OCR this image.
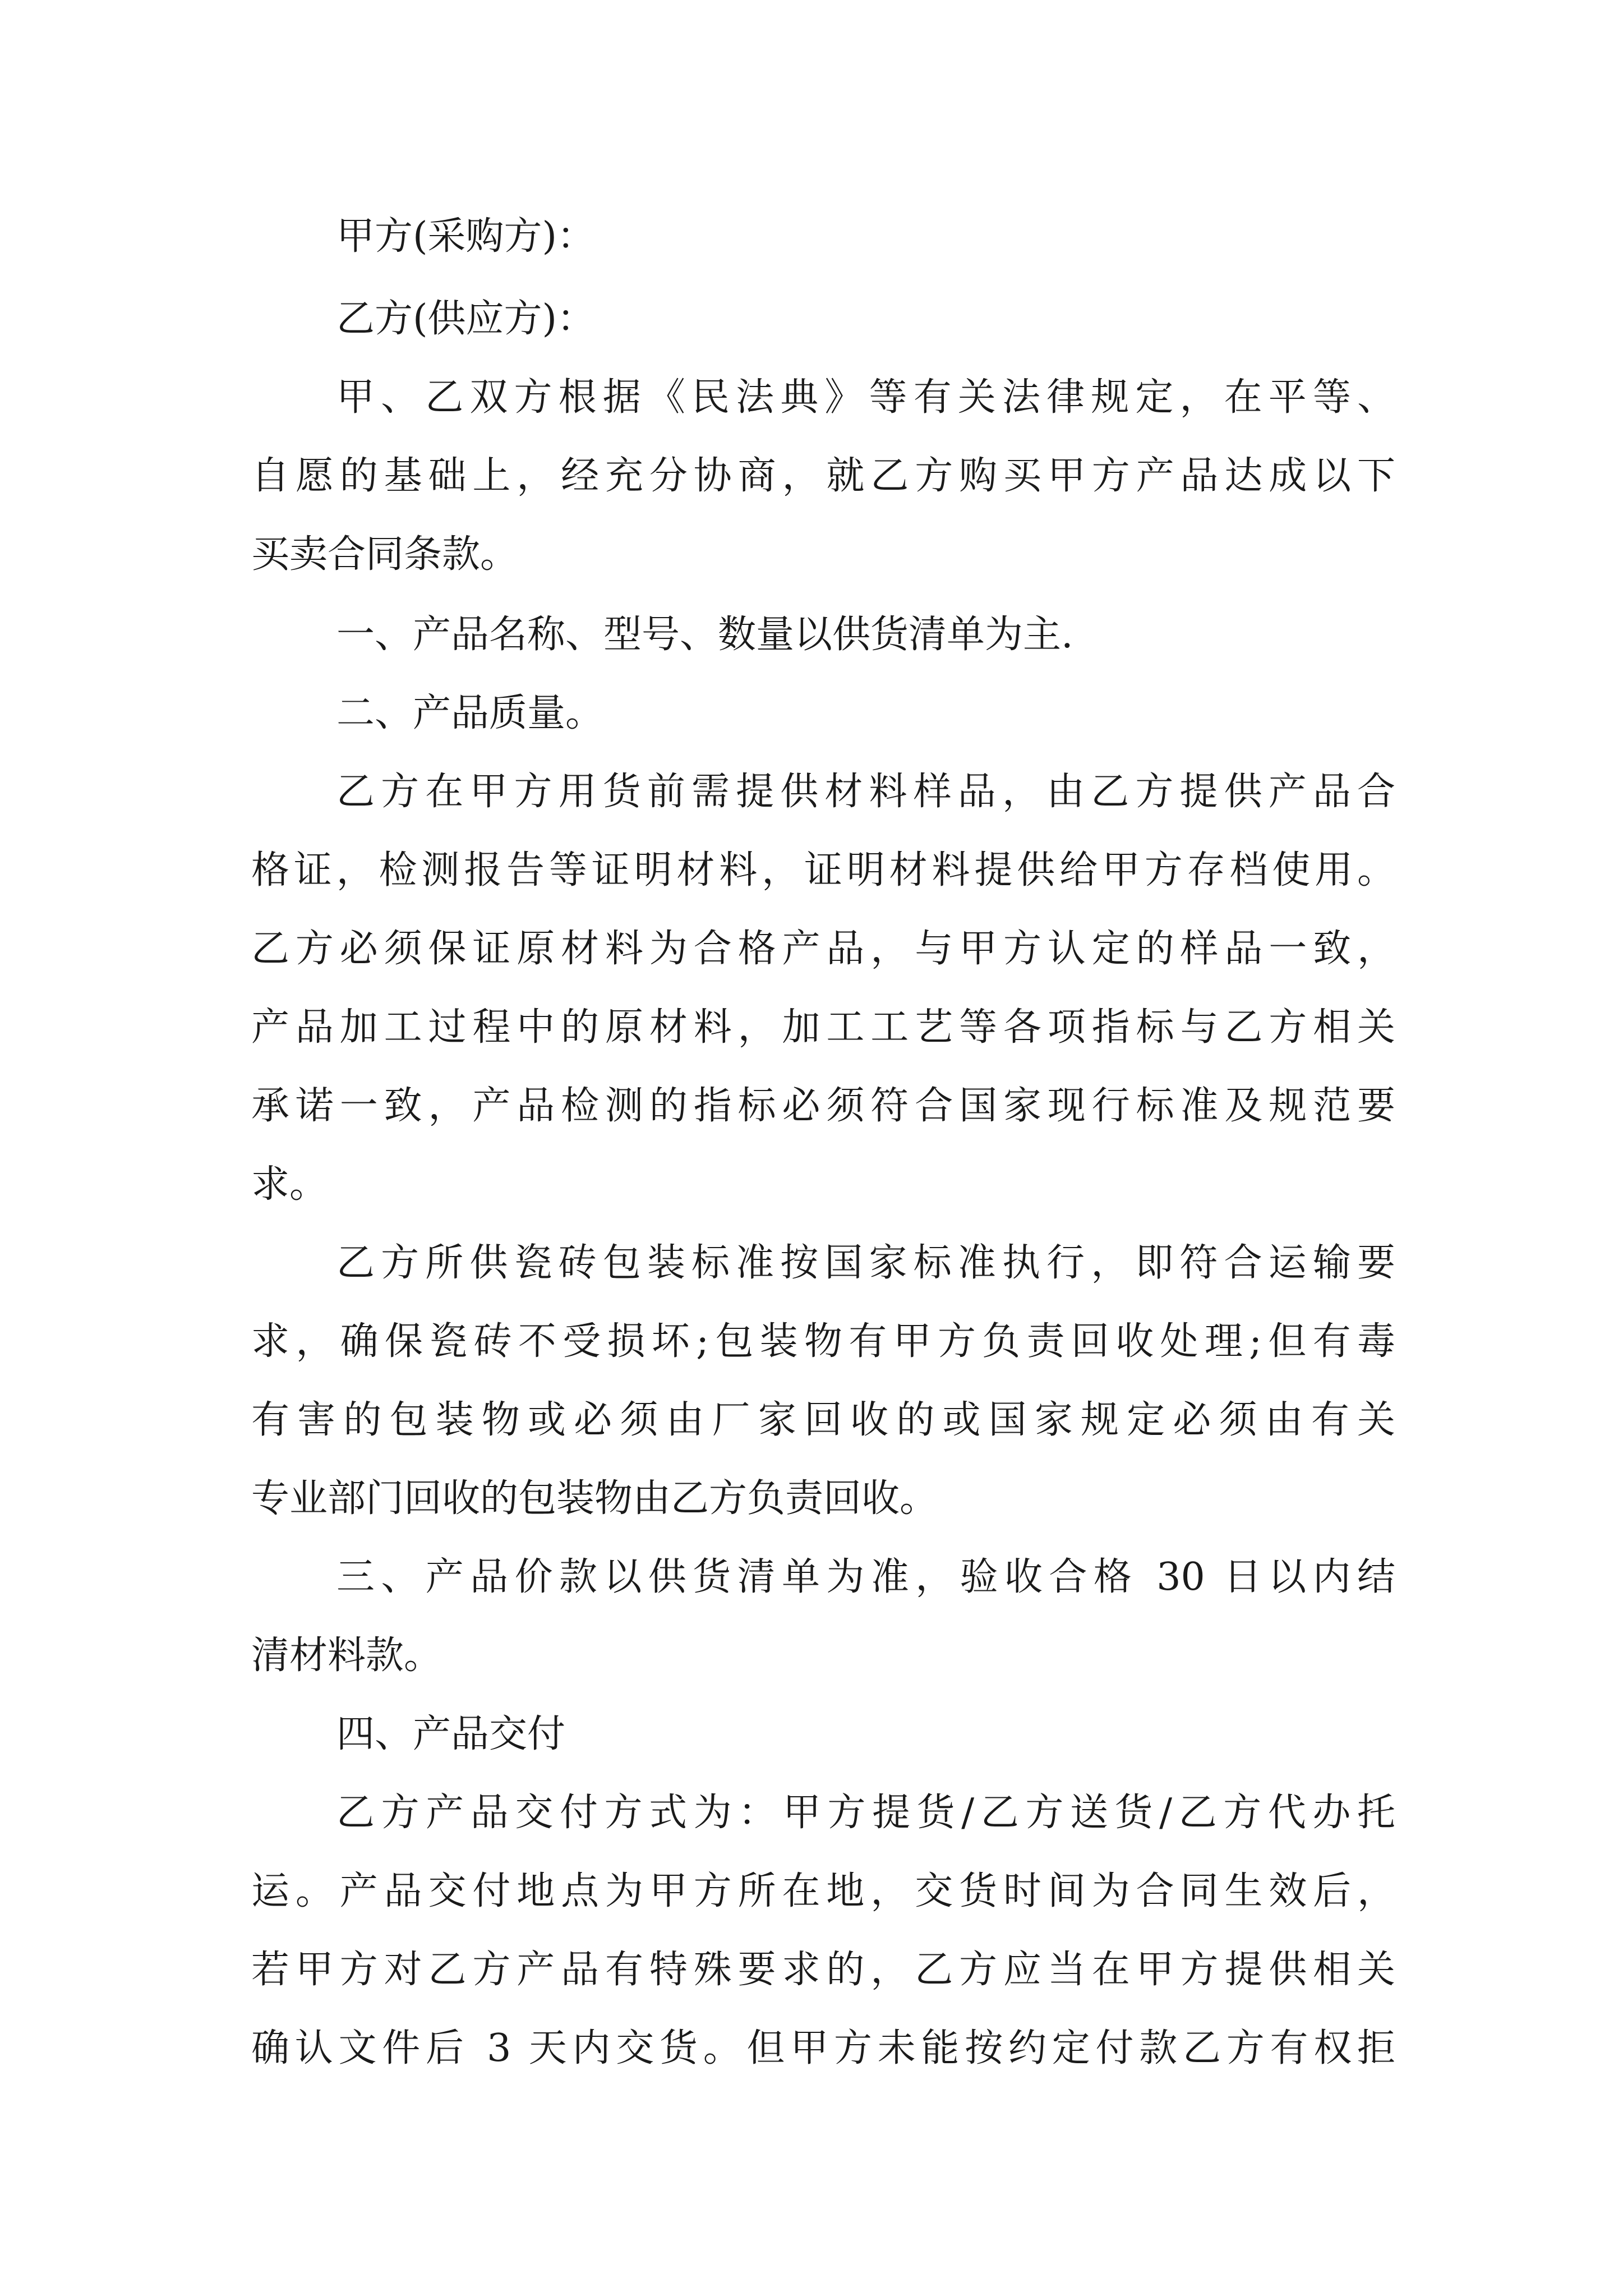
甲方(采购方)：
乙方(供应方)：
甲、乙双方根据《民法典》等有关法律规定，在平等、
自愿的基础上，经充分协商，就乙方购买甲方产品达成以下
买卖合同条款。
一、产品名称、型号、数量以供货清单为主.
二、产品质量。
乙方在甲方用货前需提供材料样品，由乙方提供产品合
格证，检测报告等证明材料，证明材料提供给甲方存档使用。
乙方必须保证原材料为合格产品，与甲方认定的样品一致，
产品加工过程中的原材料，加工工艺等各项指标与乙方相关
承诺一致，产品检测的指标必须符合国家现行标准及规范要
求。
乙方所供瓷砖包装标准按国家标准执行，即符合运输要
求，确保瓷砖不受损坏;包装物有甲方负责回收处理;但有毒
有害的包装物或必须由厂家回收的或国家规定必须由有关
专业部门回收的包装物由乙方负责回收。
三、产品价款以供货清单为准，验收合格 30 日以内结
清材料款。
四、产品交付
乙方产品交付方式为：甲方提货/乙方送货/乙方代办托
运。产品交付地点为甲方所在地，交货时间为合同生效后，
若甲方对乙方产品有特殊要求的，乙方应当在甲方提供相关
确认文件后 3 天内交货。但甲方未能按约定付款乙方有权拒
